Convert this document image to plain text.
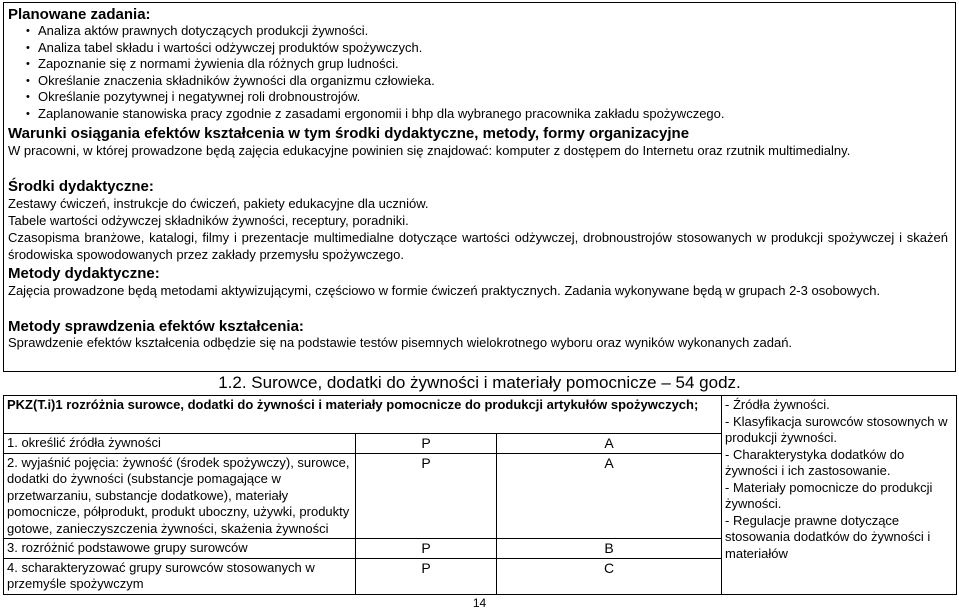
Planowane zadania:
• Analiza aktów prawnych dotyczących produkcji żywności.
• Analiza tabel składu i wartości odżywczej produktów spożywczych.
• Zapoznanie się z normami żywienia dla różnych grup ludności.
• Określanie znaczenia składników żywności dla organizmu człowieka.
• Określanie pozytywnej i negatywnej roli drobnoustrojów.
• Zaplanowanie stanowiska pracy zgodnie z zasadami ergonomii i bhp dla wybranego pracownika zakładu spożywczego.
Warunki osiągania efektów kształcenia w tym środki dydaktyczne, metody, formy organizacyjne
W pracowni, w której prowadzone będą zajęcia edukacyjne powinien się znajdować: komputer z dostępem do Internetu oraz rzutnik multimedialny.
Środki dydaktyczne:
Zestawy ćwiczeń, instrukcje do ćwiczeń, pakiety edukacyjne dla uczniów.
Tabele wartości odżywczej składników żywności, receptury, poradniki.
Czasopisma branżowe, katalogi, filmy i prezentacje multimedialne dotyczące wartości odżywczej, drobnoustrojów stosowanych w produkcji spożywczej i skażeń środowiska spowodowanych przez zakłady przemysłu spożywczego.
Metody dydaktyczne:
Zajęcia prowadzone będą metodami aktywizującymi, częściowo w formie ćwiczeń praktycznych. Zadania wykonywane będą w grupach 2-3 osobowych.
Metody sprawdzenia efektów kształcenia:
Sprawdzenie efektów kształcenia odbędzie się na podstawie testów pisemnych wielokrotnego wyboru oraz wyników wykonanych zadań.
1.2. Surowce, dodatki do żywności i materiały pomocnicze – 54 godz.
PKZ(T.i)1 rozróżnia surowce, dodatki do żywności i materiały pomocnicze do produkcji artykułów spożywczych;			- Źródła żywności.
- Klasyfikacja surowców stosownych w produkcji żywności.
- Charakterystyka dodatków do żywności i ich zastosowanie.
- Materiały pomocnicze do produkcji żywności.
- Regulacje prawne dotyczące stosowania dodatków do żywności i materiałów

1. określić źródła żywności	P	A	
2. wyjaśnić pojęcia: żywność (środek spożywczy), surowce, dodatki do żywności (substancje pomagające w przetwarzaniu, substancje dodatkowe), materiały pomocnicze, półprodukt, produkt uboczny, używki, produkty gotowe, zanieczyszczenia żywności, skażenia żywności	P	A	
3. rozróżnić podstawowe grupy surowców	P	B	
4. scharakteryzować grupy surowców stosowanych w przemyśle spożywczym	P	C	
14
